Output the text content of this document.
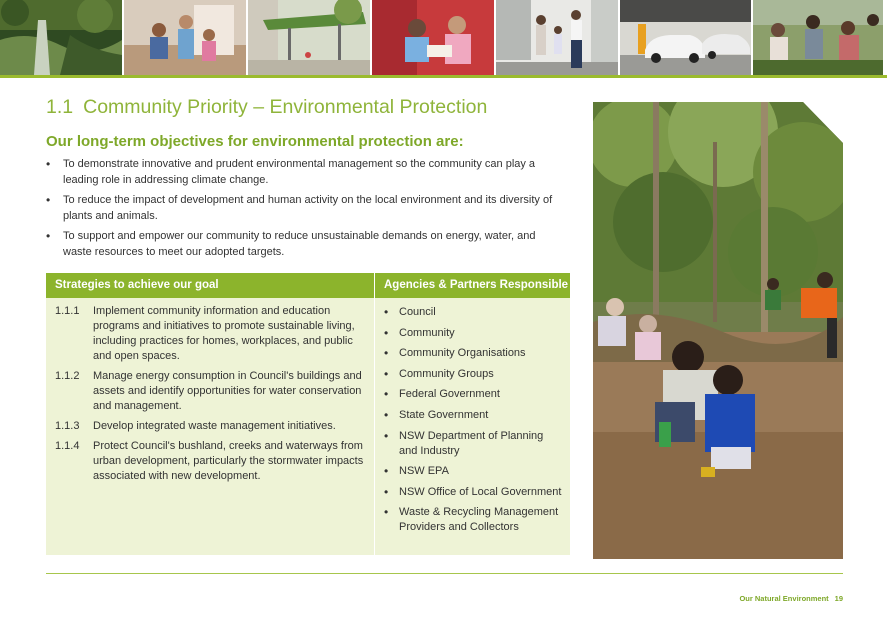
1.1 Community Priority – Environmental Protection
Our long-term objectives for environmental protection are:
• To demonstrate innovative and prudent environmental management so the community can play a leading role in addressing climate change.
• To reduce the impact of development and human activity on the local environment and its diversity of plants and animals.
• To support and empower our community to reduce unsustainable demands on energy, water, and waste resources to meet our adopted targets.
Strategies to achieve our goal	Agencies & Partners Responsible
1.1.1	Implement community information and education programs and initiatives to promote sustainable living, including practices for homes, workplaces, and public and open spaces.
1.1.2	Manage energy consumption in Council's buildings and assets and identify opportunities for water conservation and management.
1.1.3	Develop integrated waste management initiatives.
1.1.4	Protect Council's bushland, creeks and waterways from urban development, particularly the stormwater impacts associated with new development.
• Council
• Community
• Community Organisations
• Community Groups
• Federal Government
• State Government
• NSW Department of Planning and Industry
• NSW EPA
• NSW Office of Local Government
• Waste & Recycling Management Providers and Collectors
Our Natural Environment 19
